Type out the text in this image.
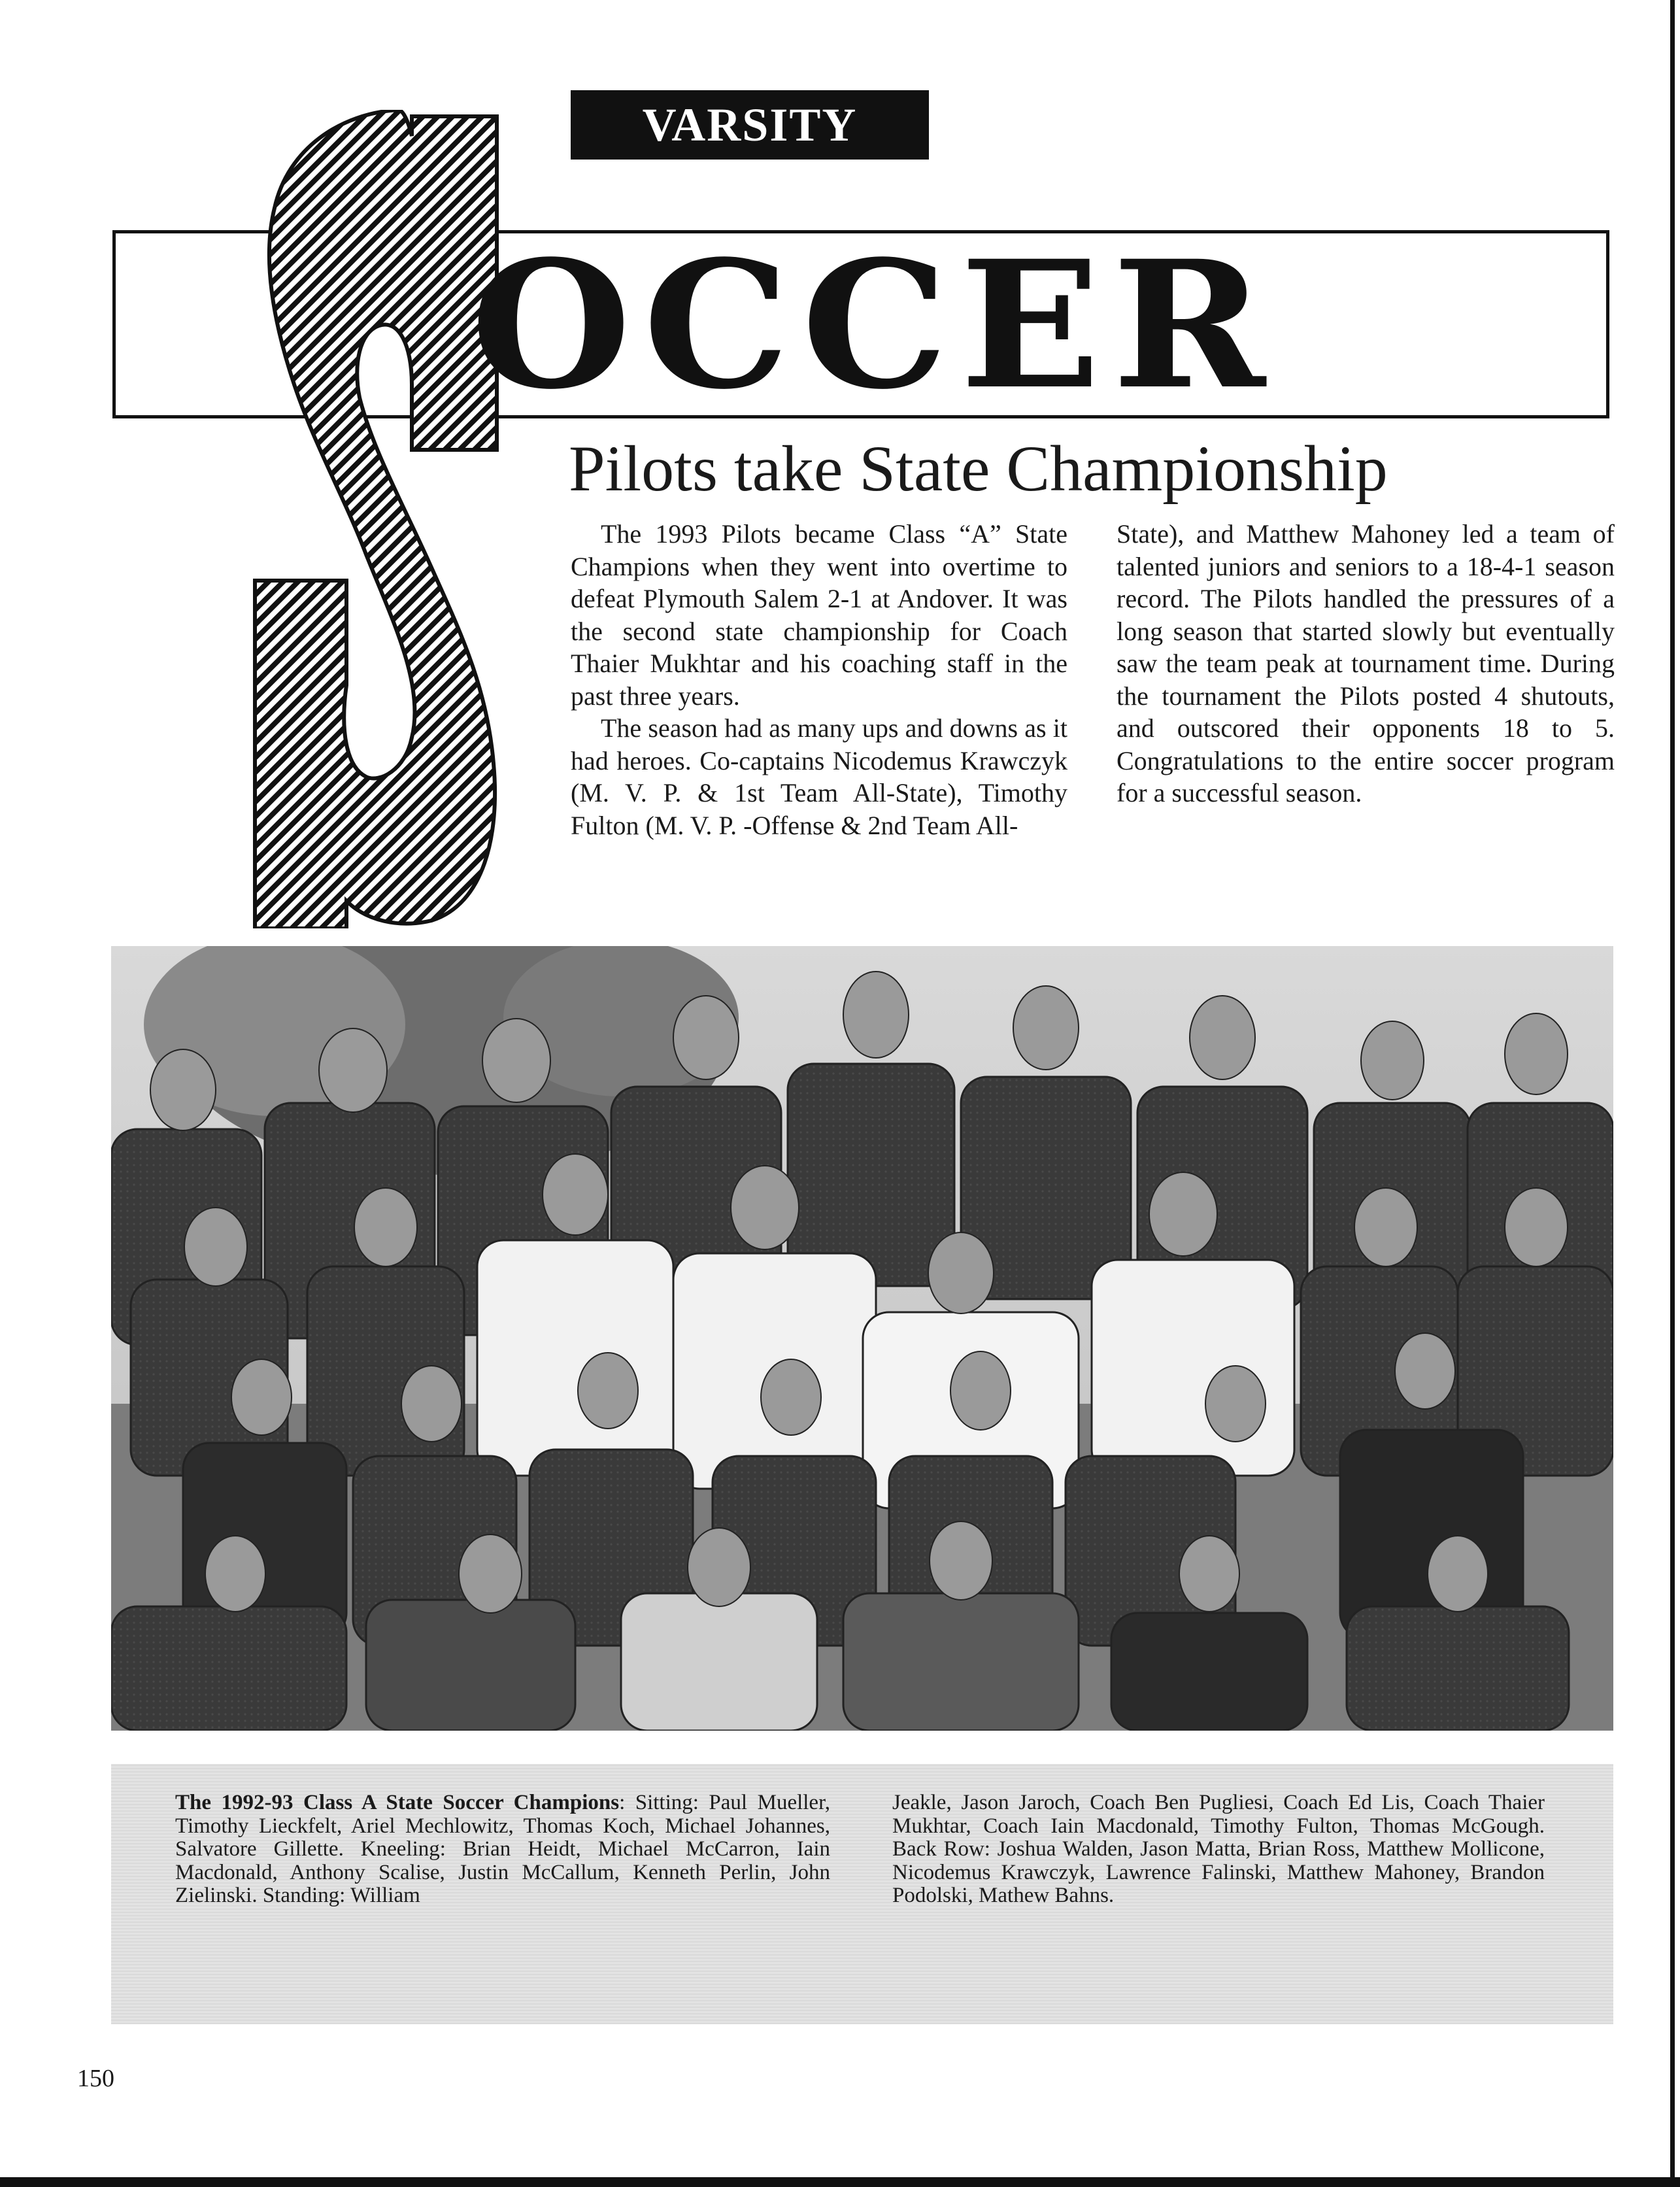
VARSITY
OCCER
Pilots take State Championship

The 1993 Pilots became Class “A” State Champions when they went into overtime to defeat Plymouth Salem 2-1 at Andover. It was the second state championship for Coach Thaier Mukhtar and his coaching staff in the past three years.

The season had as many ups and downs as it had heroes. Co-captains Nicodemus Krawczyk (M. V. P. & 1st Team All-State), Timothy Fulton (M. V. P. -Offense & 2nd Team All-

State), and Matthew Mahoney led a team of talented juniors and seniors to a 18-4-1 season record. The Pilots handled the pressures of a long season that started slowly but eventually saw the team peak at tournament time. During the tournament the Pilots posted 4 shutouts, and outscored their opponents 18 to 5. Congratulations to the entire soccer program for a successful season.

The 1992-93 Class A State Soccer Champions: Sitting: Paul Mueller, Timothy Lieckfelt, Ariel Mechlowitz, Thomas Koch, Michael Johannes, Salvatore Gillette. Kneeling: Brian Heidt, Michael McCarron, Iain Macdonald, Anthony Scalise, Justin McCallum, Kenneth Perlin, John Zielinski. Standing: William
Jeakle, Jason Jaroch, Coach Ben Pugliesi, Coach Ed Lis, Coach Thaier Mukhtar, Coach Iain Macdonald, Timothy Fulton, Thomas McGough. Back Row: Joshua Walden, Jason Matta, Brian Ross, Matthew Mollicone, Nicodemus Krawczyk, Lawrence Falinski, Matthew Mahoney, Brandon Podolski, Mathew Bahns.
150
